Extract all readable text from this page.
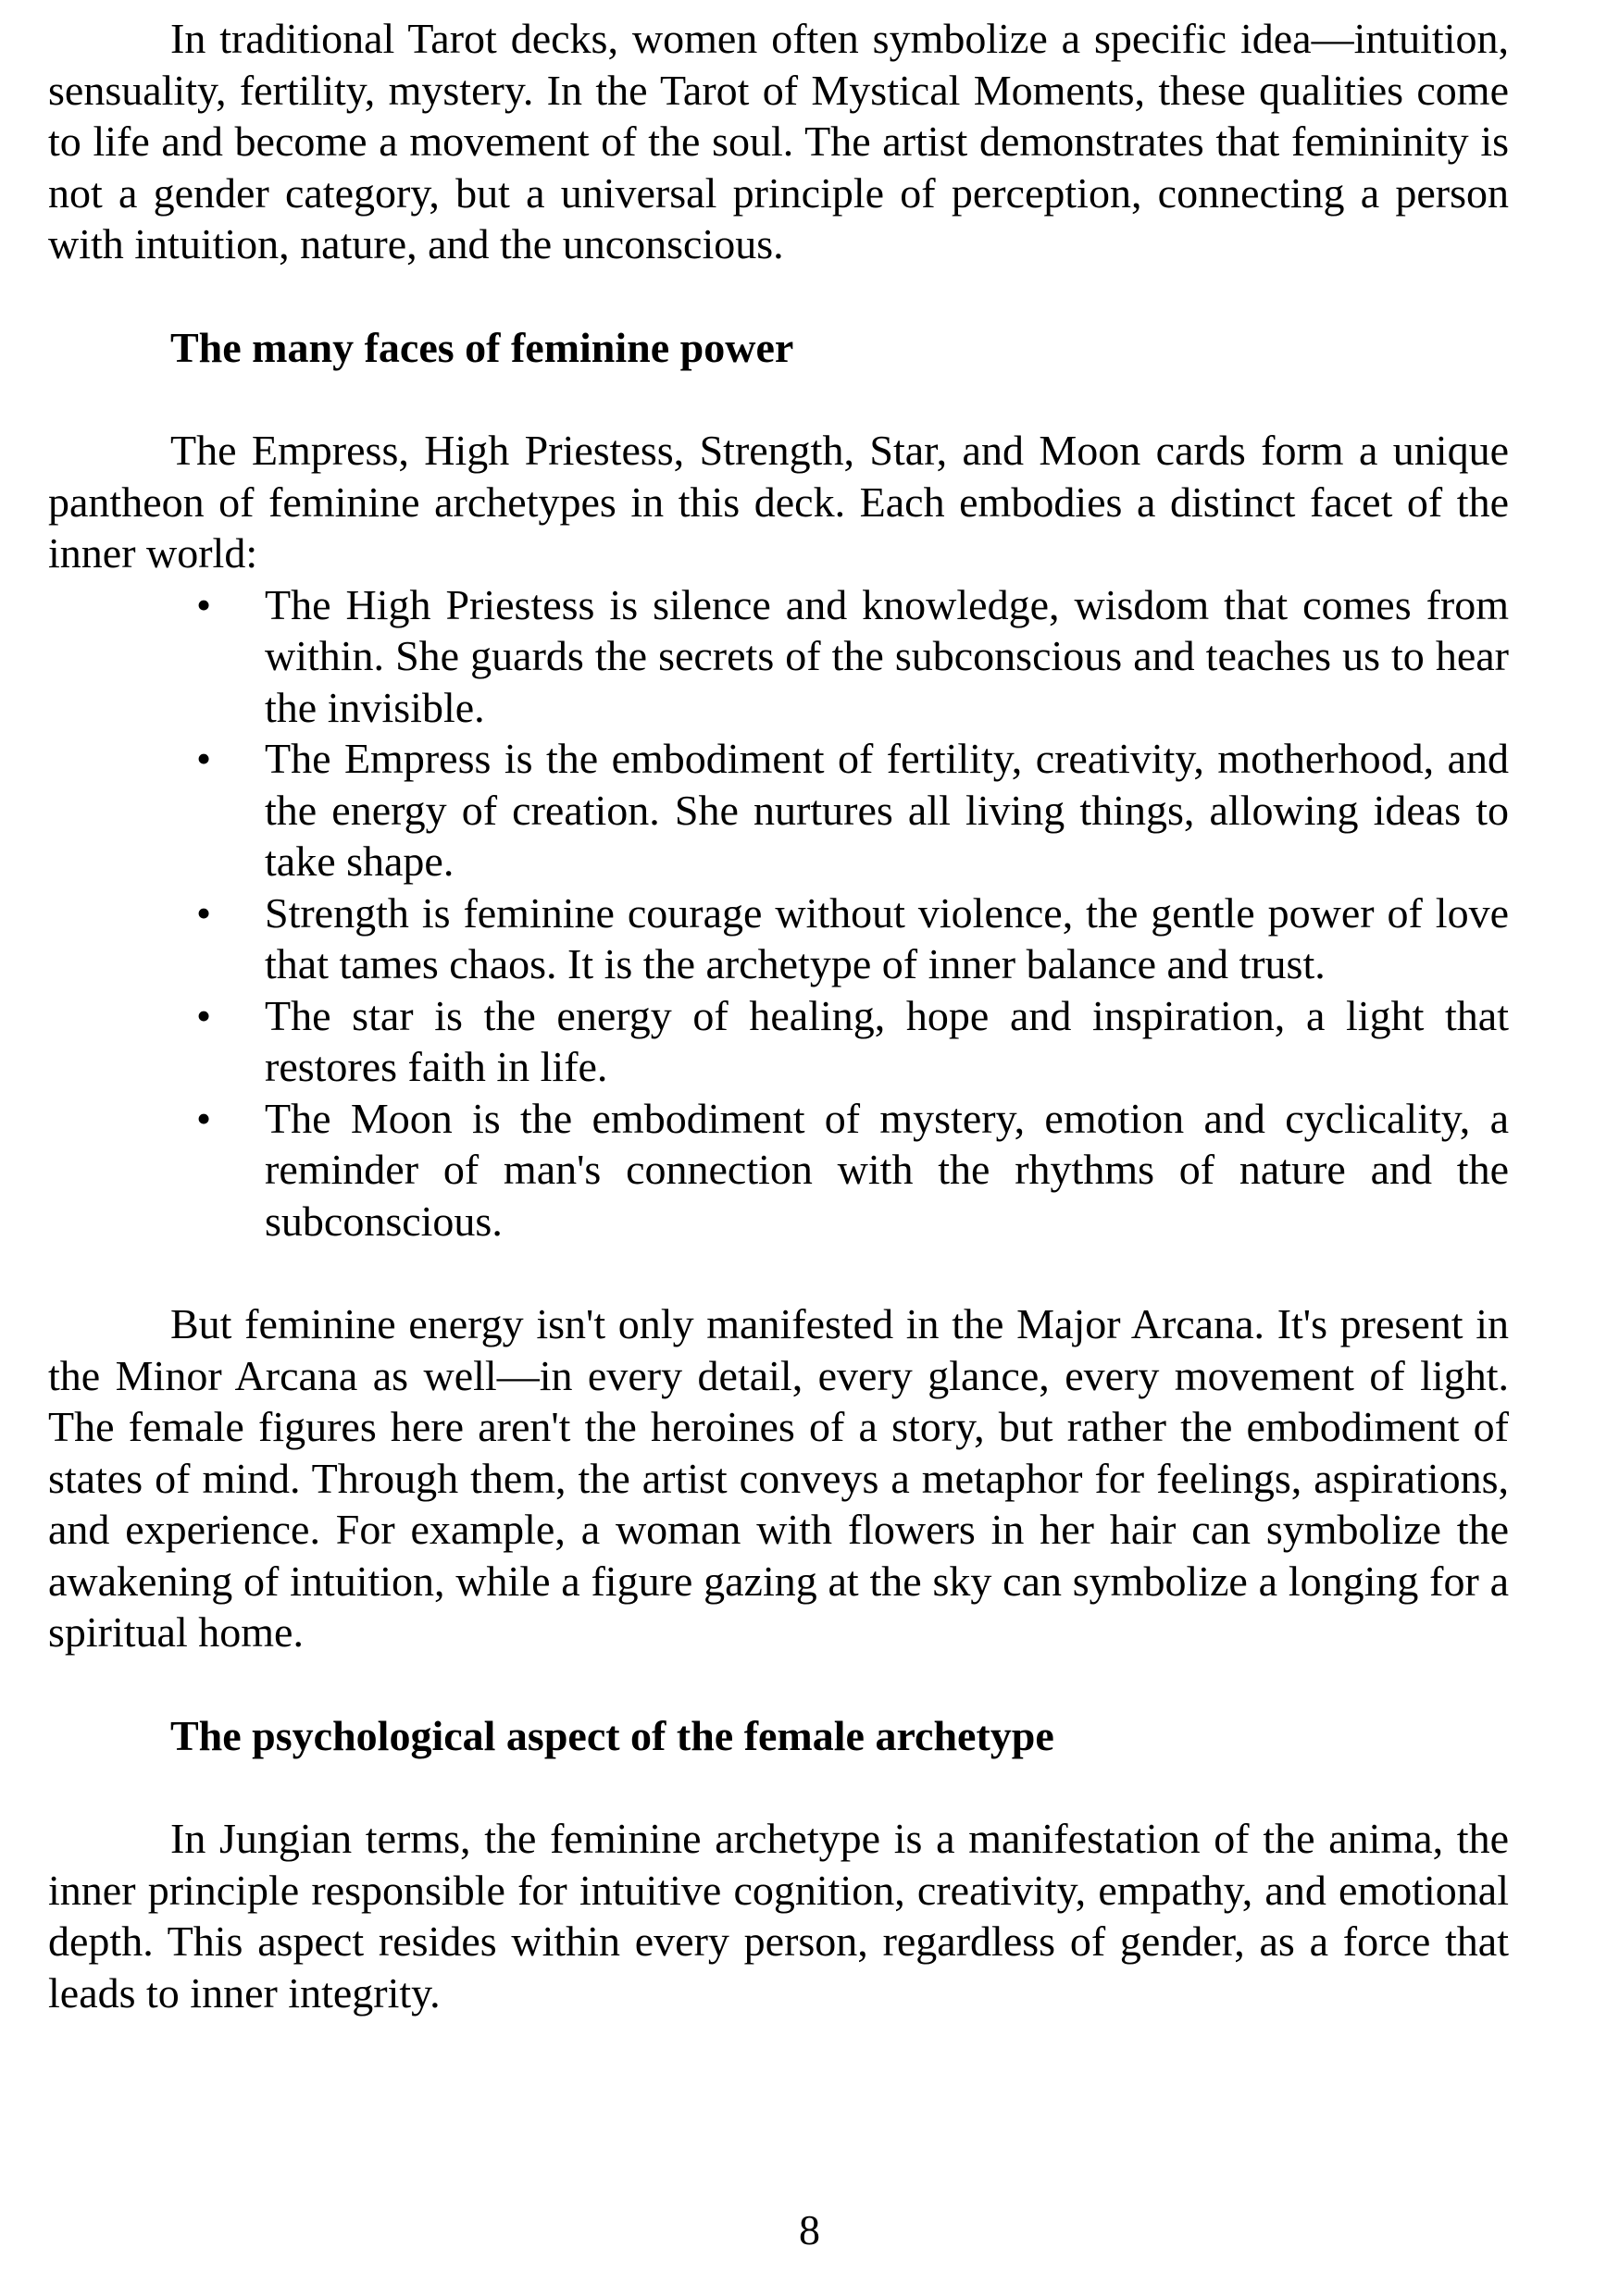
In traditional Tarot decks, women often symbolize a specific idea—intuition, sensuality, fertility, mystery. In the Tarot of Mystical Moments, these qualities come to life and become a movement of the soul. The artist demonstrates that femininity is not a gender category, but a universal principle of perception, connecting a person with intuition, nature, and the unconscious.

The many faces of feminine power

The Empress, High Priestess, Strength, Star, and Moon cards form a unique pantheon of feminine archetypes in this deck. Each embodies a distinct facet of the inner world:

• The High Priestess is silence and knowledge, wisdom that comes from within. She guards the secrets of the subconscious and teaches us to hear the invisible.
• The Empress is the embodiment of fertility, creativity, motherhood, and the energy of creation. She nurtures all living things, allowing ideas to take shape.
• Strength is feminine courage without violence, the gentle power of love that tames chaos. It is the archetype of inner balance and trust.
• The star is the energy of healing, hope and inspiration, a light that restores faith in life.
• The Moon is the embodiment of mystery, emotion and cyclicality, a reminder of man's connection with the rhythms of nature and the subconscious.

But feminine energy isn't only manifested in the Major Arcana. It's present in the Minor Arcana as well—in every detail, every glance, every movement of light. The female figures here aren't the heroines of a story, but rather the embodiment of states of mind. Through them, the artist conveys a metaphor for feelings, aspirations, and experience. For example, a woman with flowers in her hair can symbolize the awakening of intuition, while a figure gazing at the sky can symbolize a longing for a spiritual home.

The psychological aspect of the female archetype

In Jungian terms, the feminine archetype is a manifestation of the anima, the inner principle responsible for intuitive cognition, creativity, empathy, and emotional depth. This aspect resides within every person, regardless of gender, as a force that leads to inner integrity.

8
